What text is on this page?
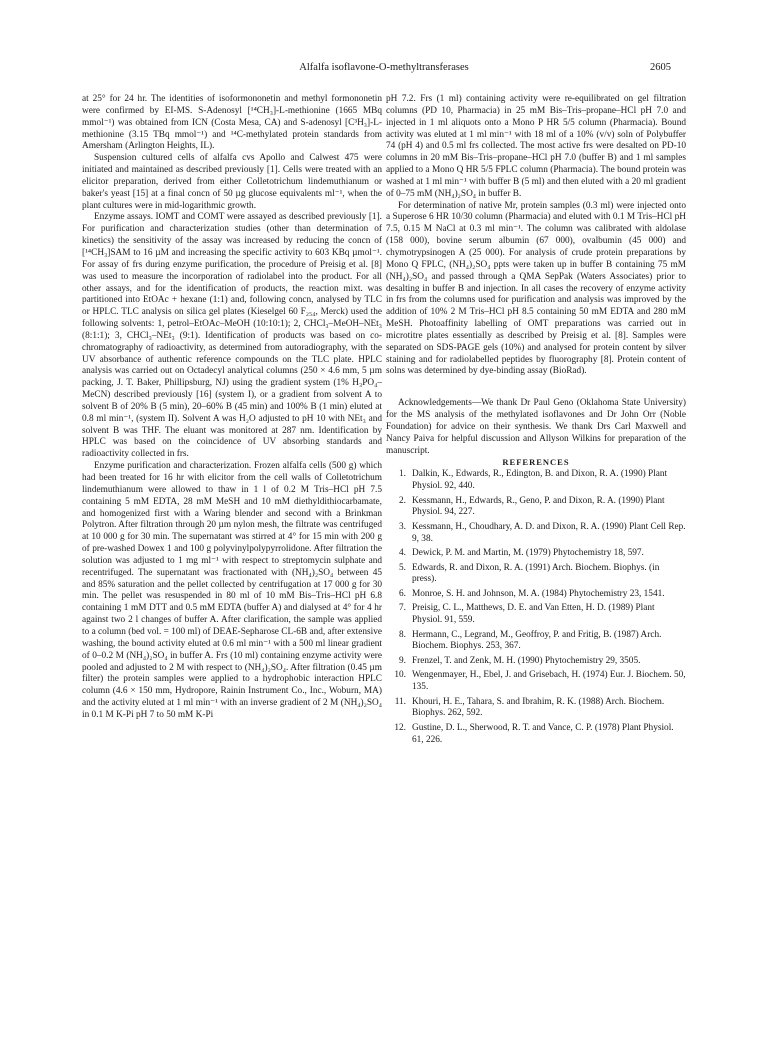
Alfalfa isoflavone-O-methyltransferases	2605

at 25° for 24 hr. The identities of isoformononetin and methyl formononetin were confirmed by EI-MS. S-Adenosyl [¹⁴CH₃]-L-methionine (1665 MBq mmol⁻¹) was obtained from ICN (Costa Mesa, CA) and S-adenosyl [C³H₃]-L-methionine (3.15 TBq mmol⁻¹) and ¹⁴C-methylated protein standards from Amersham (Arlington Heights, IL).

Suspension cultured cells of alfalfa cvs Apollo and Calwest 475 were initiated and maintained as described previously [1]. Cells were treated with an elicitor preparation, derived from either Colletotrichum lindemuthianum or baker's yeast [15] at a final concn of 50 µg glucose equivalents ml⁻¹, when the plant cultures were in mid-logarithmic growth.

Enzyme assays. IOMT and COMT were assayed as described previously [1]. For purification and characterization studies (other than determination of kinetics) the sensitivity of the assay was increased by reducing the concn of [¹⁴CH₃]SAM to 16 µM and increasing the specific activity to 603 KBq µmol⁻¹. For assay of frs during enzyme purification, the procedure of Preisig et al. [8] was used to measure the incorporation of radiolabel into the product. For all other assays, and for the identification of products, the reaction mixt. was partitioned into EtOAc + hexane (1:1) and, following concn, analysed by TLC or HPLC. TLC analysis on silica gel plates (Kieselgel 60 F₂₅₄, Merck) used the following solvents: 1, petrol–EtOAc–MeOH (10:10:1); 2, CHCl₃–MeOH–NEt₃ (8:1:1); 3, CHCl₃–NEt₃ (9:1). Identification of products was based on co-chromatography of radioactivity, as determined from autoradiography, with the UV absorbance of authentic reference compounds on the TLC plate. HPLC analysis was carried out on Octadecyl analytical columns (250 × 4.6 mm, 5 µm packing, J. T. Baker, Phillipsburg, NJ) using the gradient system (1% H₃PO₄–MeCN) described previously [16] (system I), or a gradient from solvent A to solvent B of 20% B (5 min), 20–60% B (45 min) and 100% B (1 min) eluted at 0.8 ml min⁻¹, (system II). Solvent A was H₂O adjusted to pH 10 with NEt₃ and solvent B was THF. The eluant was monitored at 287 nm. Identification by HPLC was based on the coincidence of UV absorbing standards and radioactivity collected in frs.

Enzyme purification and characterization. Frozen alfalfa cells (500 g) which had been treated for 16 hr with elicitor from the cell walls of Colletotrichum lindemuthianum were allowed to thaw in 1 l of 0.2 M Tris–HCl pH 7.5 containing 5 mM EDTA, 28 mM MeSH and 10 mM diethyldithiocarbamate, and homogenized first with a Waring blender and second with a Brinkman Polytron. After filtration through 20 µm nylon mesh, the filtrate was centrifuged at 10 000 g for 30 min. The supernatant was stirred at 4° for 15 min with 200 g of pre-washed Dowex 1 and 100 g polyvinylpolypyrrolidone. After filtration the solution was adjusted to 1 mg ml⁻¹ with respect to streptomycin sulphate and recentrifuged. The supernatant was fractionated with (NH₄)₂SO₄ between 45 and 85% saturation and the pellet collected by centrifugation at 17 000 g for 30 min. The pellet was resuspended in 80 ml of 10 mM Bis–Tris–HCl pH 6.8 containing 1 mM DTT and 0.5 mM EDTA (buffer A) and dialysed at 4° for 4 hr against two 2 l changes of buffer A. After clarification, the sample was applied to a column (bed vol. = 100 ml) of DEAE-Sepharose CL-6B and, after extensive washing, the bound activity eluted at 0.6 ml min⁻¹ with a 500 ml linear gradient of 0–0.2 M (NH₄)₂SO₄ in buffer A. Frs (10 ml) containing enzyme activity were pooled and adjusted to 2 M with respect to (NH₄)₂SO₄. After filtration (0.45 µm filter) the protein samples were applied to a hydrophobic interaction HPLC column (4.6 × 150 mm, Hydropore, Rainin Instrument Co., Inc., Woburn, MA) and the activity eluted at 1 ml min⁻¹ with an inverse gradient of 2 M (NH₄)₂SO₄ in 0.1 M K-Pi pH 7 to 50 mM K-Pi

pH 7.2. Frs (1 ml) containing activity were re-equilibrated on gel filtration columns (PD 10, Pharmacia) in 25 mM Bis–Tris–propane–HCl pH 7.0 and injected in 1 ml aliquots onto a Mono P HR 5/5 column (Pharmacia). Bound activity was eluted at 1 ml min⁻¹ with 18 ml of a 10% (v/v) soln of Polybuffer 74 (pH 4) and 0.5 ml frs collected. The most active frs were desalted on PD-10 columns in 20 mM Bis–Tris–propane–HCl pH 7.0 (buffer B) and 1 ml samples applied to a Mono Q HR 5/5 FPLC column (Pharmacia). The bound protein was washed at 1 ml min⁻¹ with buffer B (5 ml) and then eluted with a 20 ml gradient of 0–75 mM (NH₄)₂SO₄ in buffer B.

For determination of native Mr, protein samples (0.3 ml) were injected onto a Superose 6 HR 10/30 column (Pharmacia) and eluted with 0.1 M Tris–HCl pH 7.5, 0.15 M NaCl at 0.3 ml min⁻¹. The column was calibrated with aldolase (158 000), bovine serum albumin (67 000), ovalbumin (45 000) and chymotrypsinogen A (25 000). For analysis of crude protein preparations by Mono Q FPLC, (NH₄)₂SO₄ ppts were taken up in buffer B containing 75 mM (NH₄)₂SO₄ and passed through a QMA SepPak (Waters Associates) prior to desalting in buffer B and injection. In all cases the recovery of enzyme activity in frs from the columns used for purification and analysis was improved by the addition of 10% 2 M Tris–HCl pH 8.5 containing 50 mM EDTA and 280 mM MeSH. Photoaffinity labelling of OMT preparations was carried out in microtitre plates essentially as described by Preisig et al. [8]. Samples were separated on SDS-PAGE gels (10%) and analysed for protein content by silver staining and for radiolabelled peptides by fluorography [8]. Protein content of solns was determined by dye-binding assay (BioRad).

Acknowledgements—We thank Dr Paul Geno (Oklahoma State University) for the MS analysis of the methylated isoflavones and Dr John Orr (Noble Foundation) for advice on their synthesis. We thank Drs Carl Maxwell and Nancy Paiva for helpful discussion and Allyson Wilkins for preparation of the manuscript.

REFERENCES

1. Dalkin, K., Edwards, R., Edington, B. and Dixon, R. A. (1990) Plant Physiol. 92, 440.
2. Kessmann, H., Edwards, R., Geno, P. and Dixon, R. A. (1990) Plant Physiol. 94, 227.
3. Kessmann, H., Choudhary, A. D. and Dixon, R. A. (1990) Plant Cell Rep. 9, 38.
4. Dewick, P. M. and Martin, M. (1979) Phytochemistry 18, 597.
5. Edwards, R. and Dixon, R. A. (1991) Arch. Biochem. Biophys. (in press).
6. Monroe, S. H. and Johnson, M. A. (1984) Phytochemistry 23, 1541.
7. Preisig, C. L., Matthews, D. E. and Van Etten, H. D. (1989) Plant Physiol. 91, 559.
8. Hermann, C., Legrand, M., Geoffroy, P. and Fritig, B. (1987) Arch. Biochem. Biophys. 253, 367.
9. Frenzel, T. and Zenk, M. H. (1990) Phytochemistry 29, 3505.
10. Wengenmayer, H., Ebel, J. and Grisebach, H. (1974) Eur. J. Biochem. 50, 135.
11. Khouri, H. E., Tahara, S. and Ibrahim, R. K. (1988) Arch. Biochem. Biophys. 262, 592.
12. Gustine, D. L., Sherwood, R. T. and Vance, C. P. (1978) Plant Physiol. 61, 226.
